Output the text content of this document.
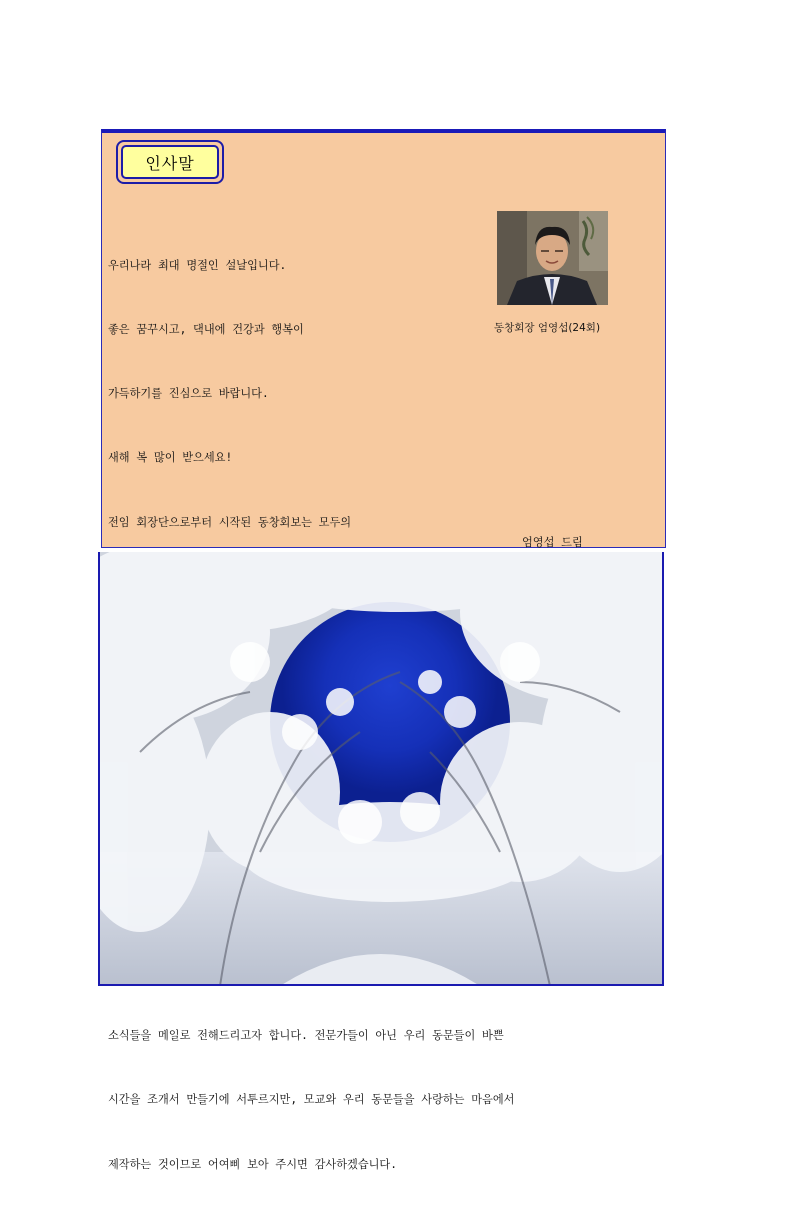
인사말

우리나라 최대 명절인 설날입니다.

좋은 꿈꾸시고, 댁내에 건강과 행복이

가득하기를 진심으로 바랍니다.

새해 복 많이 받으세요!

전임 회장단으로부터 시작된 동창회보는 모두의

소식들을 메일로 전해드리고자 합니다. 전문가들이 아닌 우리 동문들이 바쁜

시간을 조개서 만들기에 서투르지만, 모교와 우리 동문들을 사랑하는 마음에서

제작하는 것이므로 어여삐 보아 주시면 감사하겠습니다.

동창회장 엄영섭(24회)
엄영섭 드림
